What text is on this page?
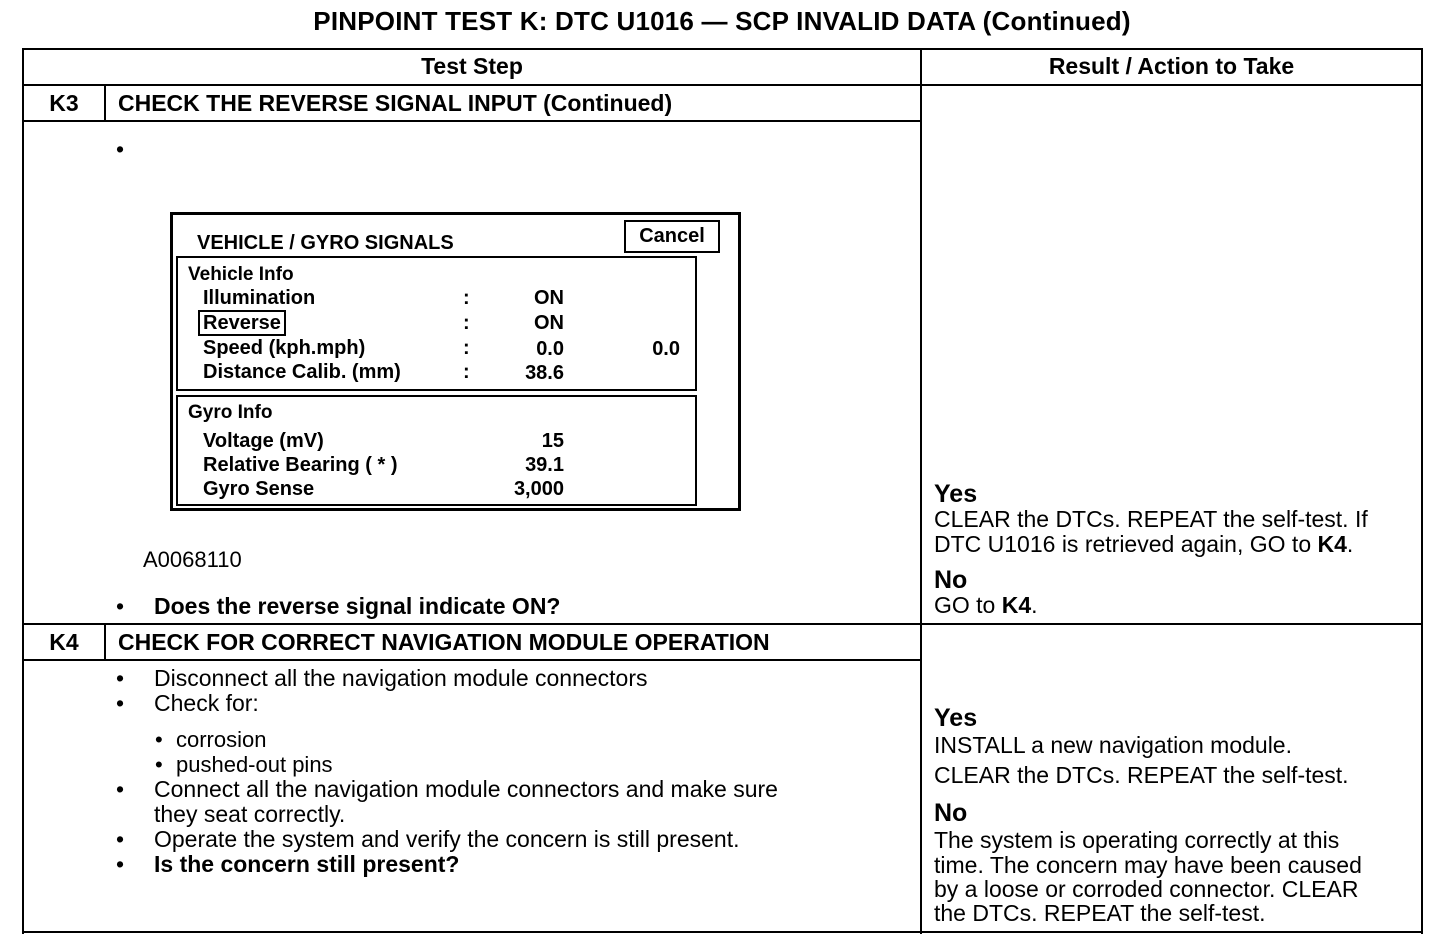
PINPOINT TEST K: DTC U1016 — SCP INVALID DATA (Continued)
Test Step	Result / Action to Take
K3	CHECK THE REVERSE SIGNAL INPUT (Continued)
•
VEHICLE / GYRO SIGNALS	Cancel
Vehicle Info
Illumination	:	ON
Reverse	:	ON
Speed (kph.mph)	:	0.0	0.0
Distance Calib. (mm)	:	38.6
Gyro Info
Voltage (mV)	15
Relative Bearing ( * )	39.1
Gyro Sense	3,000
A0068110
• Does the reverse signal indicate ON?
Yes
CLEAR the DTCs. REPEAT the self-test. If
DTC U1016 is retrieved again, GO to K4.
No
GO to K4.
K4	CHECK FOR CORRECT NAVIGATION MODULE OPERATION
• Disconnect all the navigation module connectors
• Check for:
• corrosion
• pushed-out pins
• Connect all the navigation module connectors and make sure
they seat correctly.
• Operate the system and verify the concern is still present.
• Is the concern still present?
Yes
INSTALL a new navigation module.
CLEAR the DTCs. REPEAT the self-test.
No
The system is operating correctly at this
time. The concern may have been caused
by a loose or corroded connector. CLEAR
the DTCs. REPEAT the self-test.
